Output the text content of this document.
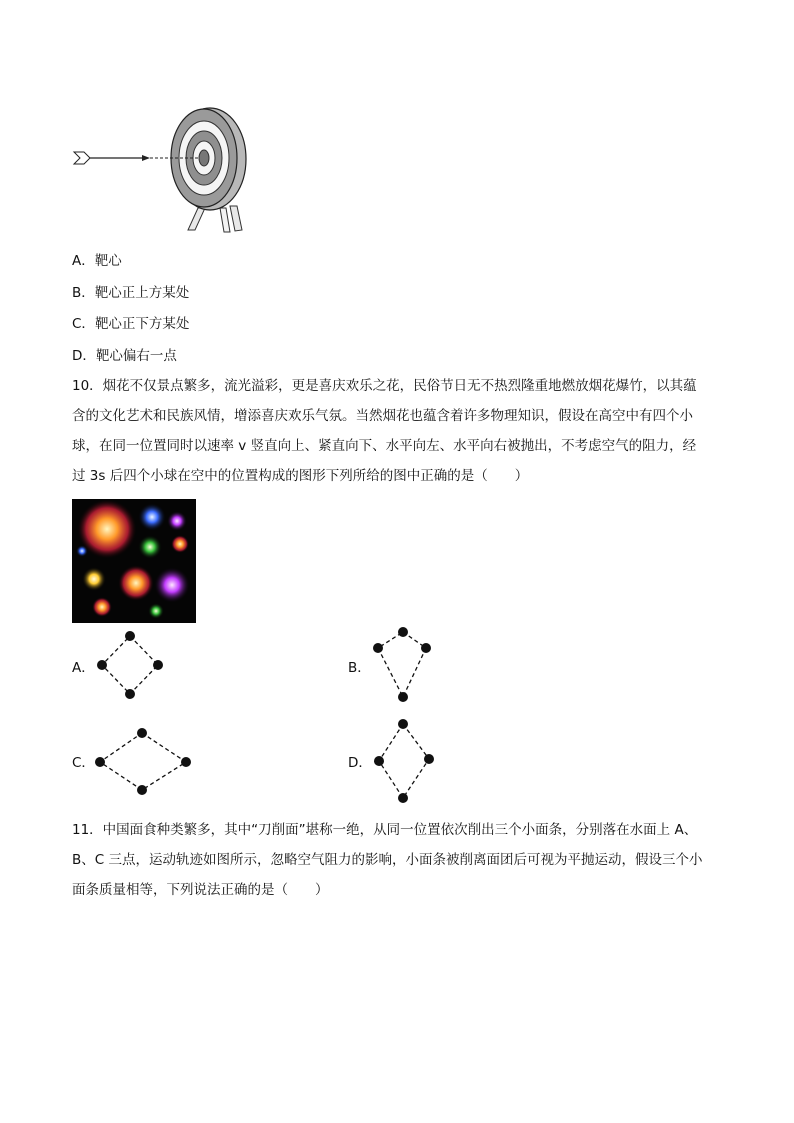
A．靶心
B．靶心正上方某处
C．靶心正下方某处
D．靶心偏右一点
10．烟花不仅景点繁多，流光溢彩，更是喜庆欢乐之花，民俗节日无不热烈隆重地燃放烟花爆竹，以其蕴
含的文化艺术和民族风情，增添喜庆欢乐气氛。当然烟花也蕴含着许多物理知识，假设在高空中有四个小
球，在同一位置同时以速率 v 竖直向上、紧直向下、水平向左、水平向右被抛出，不考虑空气的阻力，经
过 3s 后四个小球在空中的位置构成的图形下列所给的图中正确的是（　　）
A．	B．
C．	D．
11．中国面食种类繁多，其中“刀削面”堪称一绝，从同一位置依次削出三个小面条，分别落在水面上 A、
B、C 三点，运动轨迹如图所示，忽略空气阻力的影响，小面条被削离面团后可视为平抛运动，假设三个小
面条质量相等，下列说法正确的是（　　）
